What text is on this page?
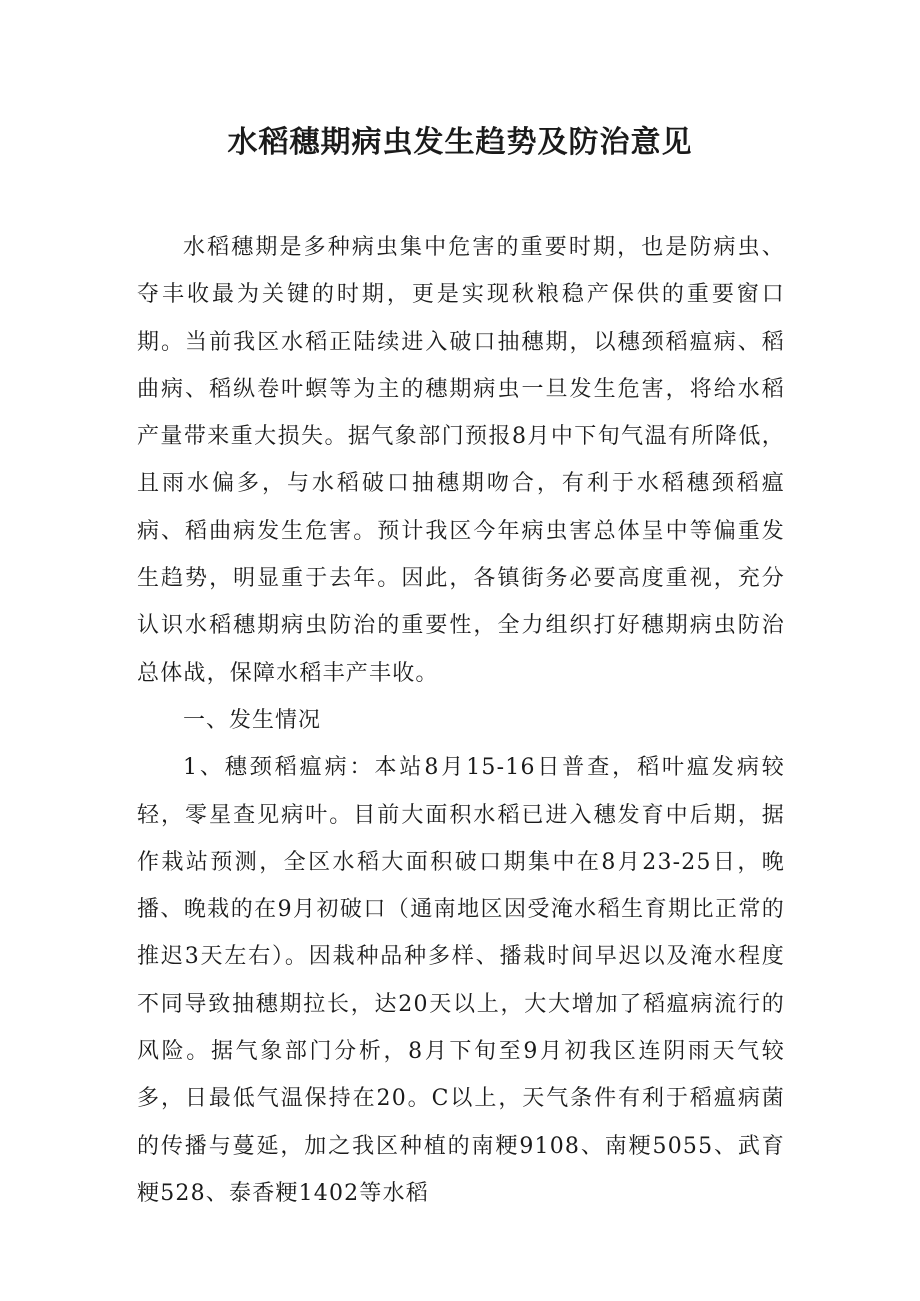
水稻穗期病虫发生趋势及防治意见

水稻穗期是多种病虫集中危害的重要时期，也是防病虫、夺丰收最为关键的时期，更是实现秋粮稳产保供的重要窗口期。当前我区水稻正陆续进入破口抽穗期，以穗颈稻瘟病、稻曲病、稻纵卷叶螟等为主的穗期病虫一旦发生危害，将给水稻产量带来重大损失。据气象部门预报8月中下旬气温有所降低，且雨水偏多，与水稻破口抽穗期吻合，有利于水稻穗颈稻瘟病、稻曲病发生危害。预计我区今年病虫害总体呈中等偏重发生趋势，明显重于去年。因此，各镇街务必要高度重视，充分认识水稻穗期病虫防治的重要性，全力组织打好穗期病虫防治总体战，保障水稻丰产丰收。

一、发生情况

1、穗颈稻瘟病：本站8月15-16日普查，稻叶瘟发病较轻，零星查见病叶。目前大面积水稻已进入穗发育中后期，据作栽站预测，全区水稻大面积破口期集中在8月23-25日，晚播、晚栽的在9月初破口（通南地区因受淹水稻生育期比正常的推迟3天左右）。因栽种品种多样、播栽时间早迟以及淹水程度不同导致抽穗期拉长，达20天以上，大大增加了稻瘟病流行的风险。据气象部门分析，8月下旬至9月初我区连阴雨天气较多，日最低气温保持在20。C以上，天气条件有利于稻瘟病菌的传播与蔓延，加之我区种植的南粳9108、南粳5055、武育粳528、泰香粳1402等水稻
